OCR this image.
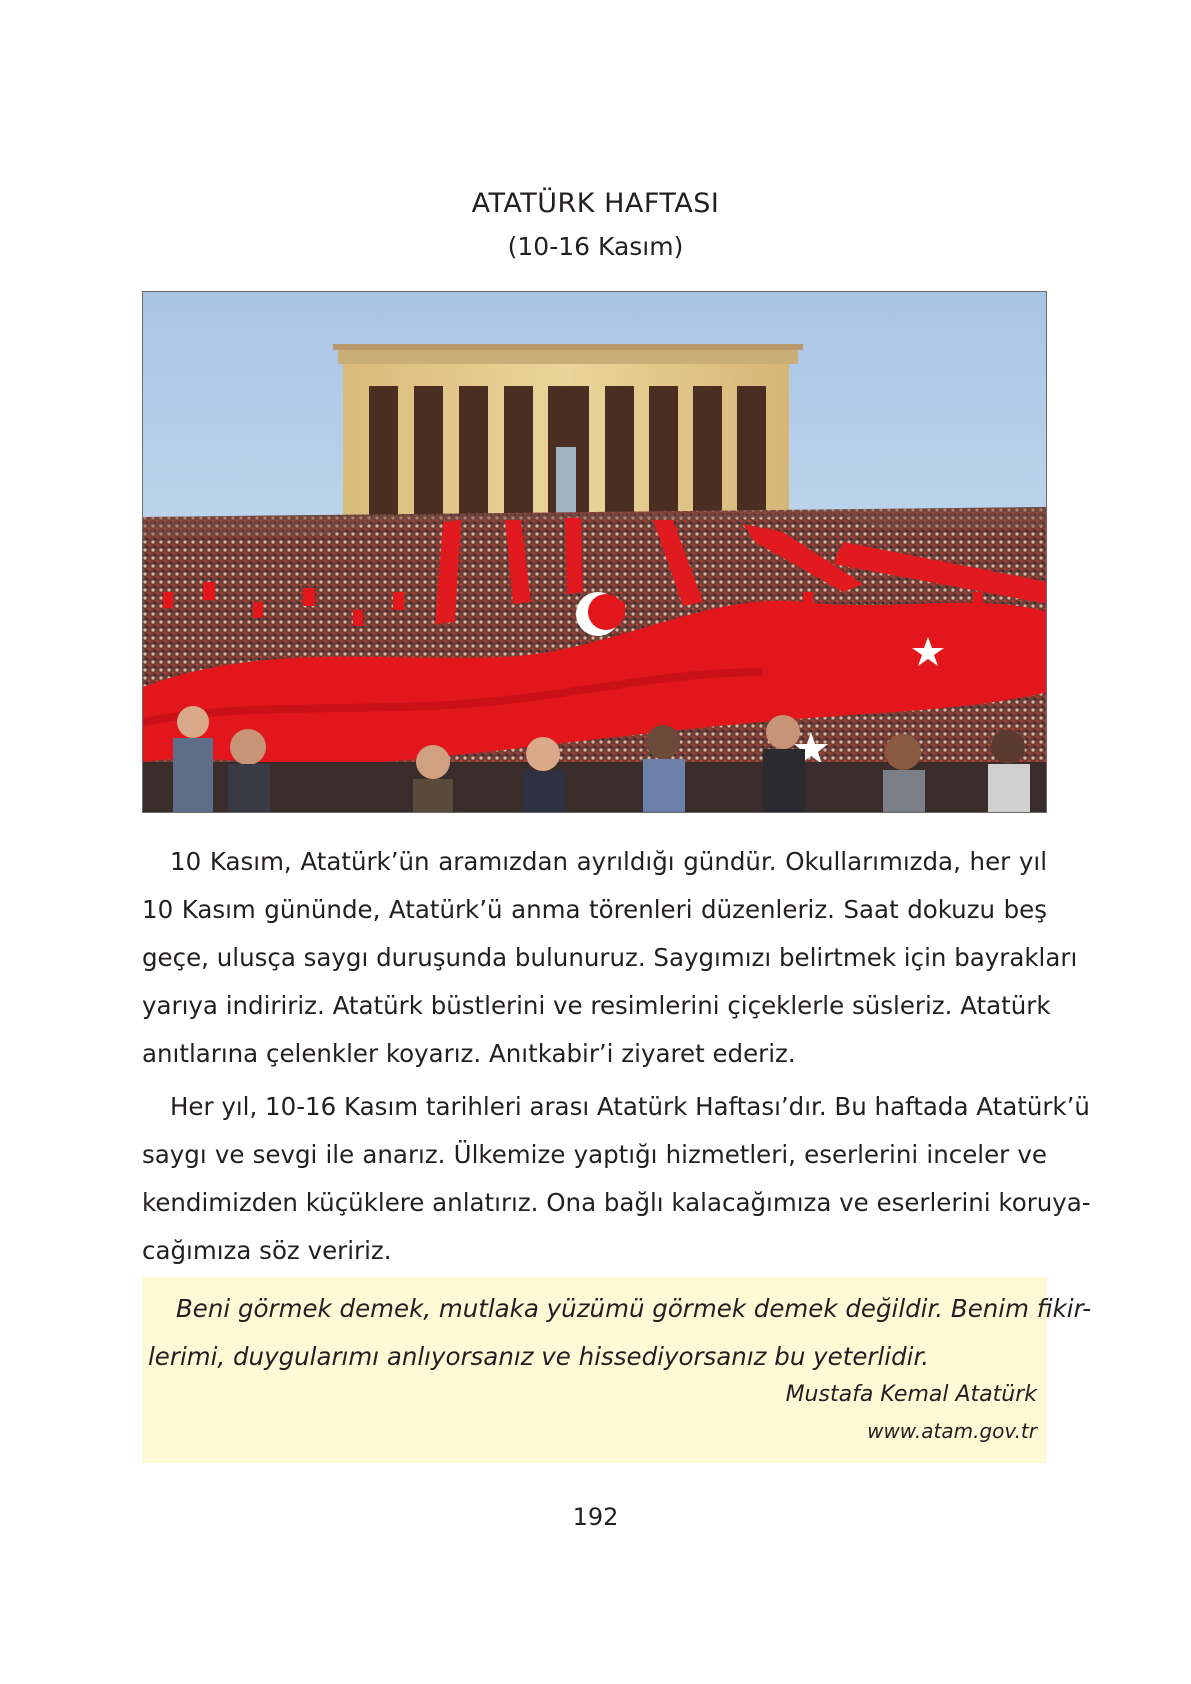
ATATÜRK HAFTASI
(10-16 Kasım)
10 Kasım, Atatürk’ün aramızdan ayrıldığı gündür. Okullarımızda, her yıl
10 Kasım gününde, Atatürk’ü anma törenleri düzenleriz. Saat dokuzu beş
geçe, ulusça saygı duruşunda bulunuruz. Saygımızı belirtmek için bayrakları
yarıya indiririz. Atatürk büstlerini ve resimlerini çiçeklerle süsleriz. Atatürk
anıtlarına çelenkler koyarız. Anıtkabir’i ziyaret ederiz.
Her yıl, 10-16 Kasım tarihleri arası Atatürk Haftası’dır. Bu haftada Atatürk’ü
saygı ve sevgi ile anarız. Ülkemize yaptığı hizmetleri, eserlerini inceler ve
kendimizden küçüklere anlatırız. Ona bağlı kalacağımıza ve eserlerini koruya-
cağımıza söz veririz.
Beni görmek demek, mutlaka yüzümü görmek demek değildir. Benim fikir-
lerimi, duygularımı anlıyorsanız ve hissediyorsanız bu yeterlidir.
Mustafa Kemal Atatürk
www.atam.gov.tr
192
